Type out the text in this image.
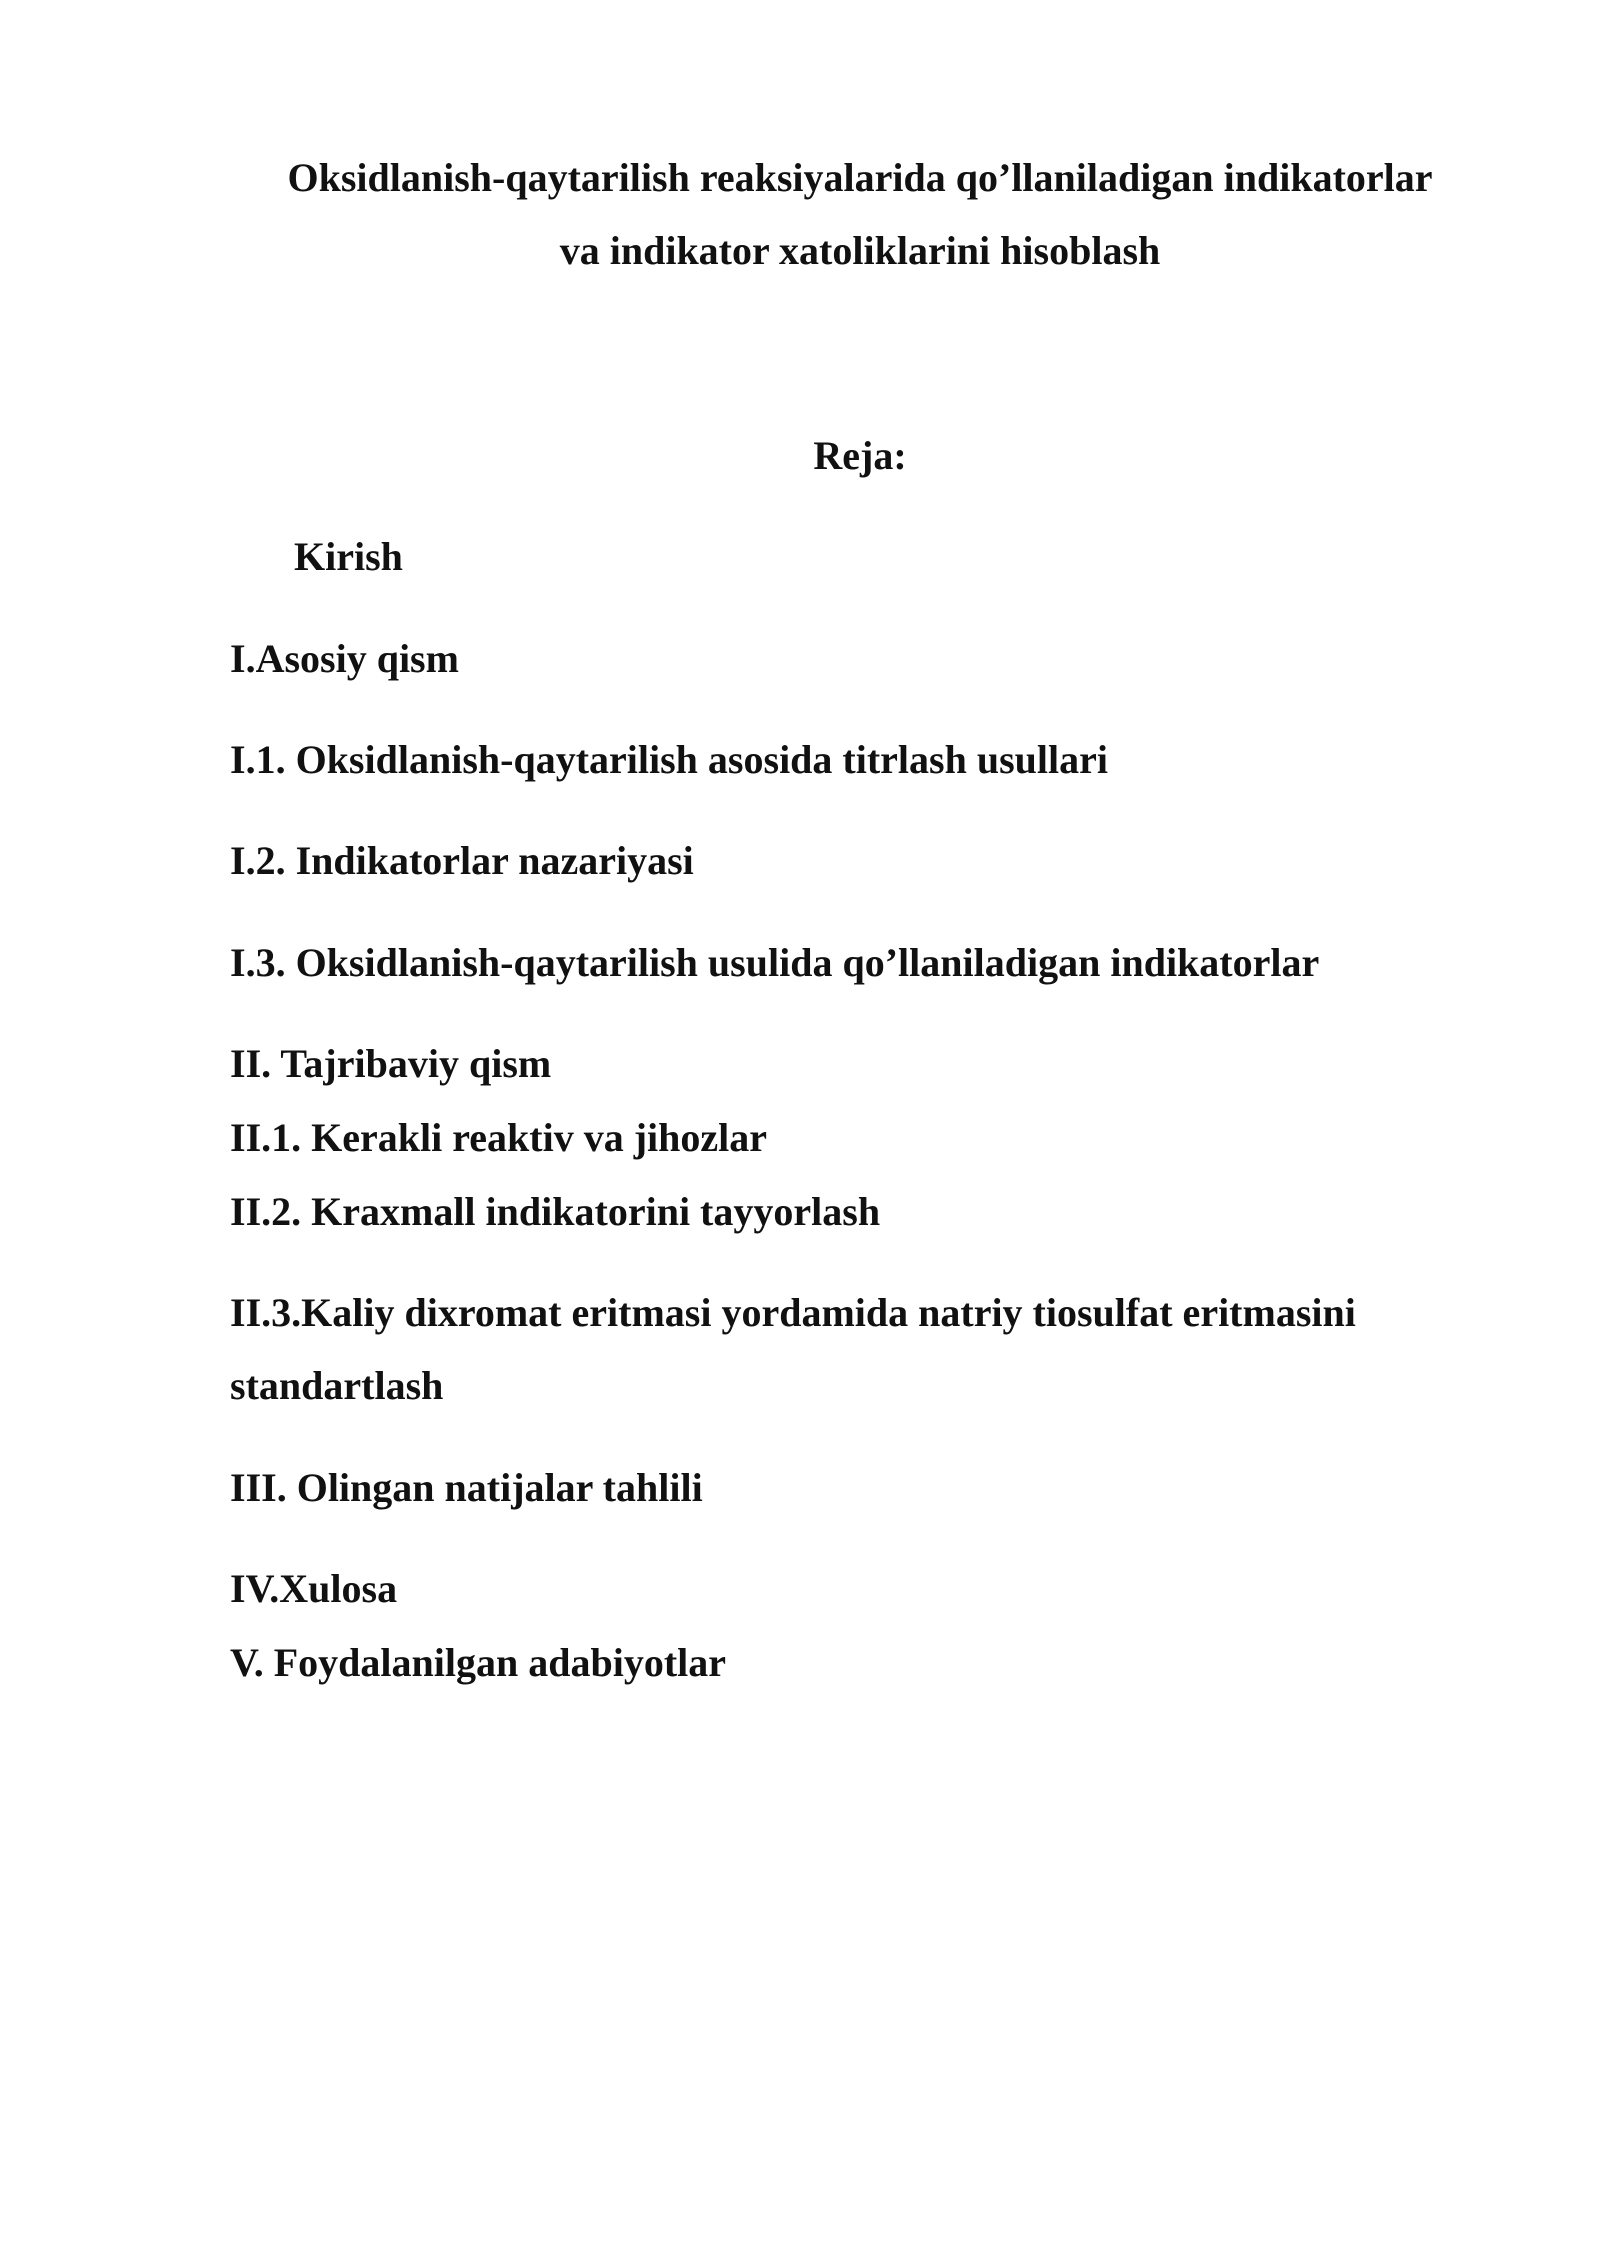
Oksidlanish-qaytarilish reaksiyalarida qo’llaniladigan indikatorlar
va indikator xatoliklarini hisoblash
Reja:
Kirish
I.Asosiy qism
I.1. Oksidlanish-qaytarilish asosida titrlash usullari
I.2. Indikatorlar nazariyasi
I.3. Oksidlanish-qaytarilish usulida qo’llaniladigan indikatorlar
II. Tajribaviy qism
II.1. Kerakli reaktiv va jihozlar
II.2. Kraxmall indikatorini tayyorlash
II.3.Kaliy dixromat eritmasi yordamida natriy tiosulfat eritmasini
standartlash
III. Olingan natijalar tahlili
IV.Xulosa
V. Foydalanilgan adabiyotlar
